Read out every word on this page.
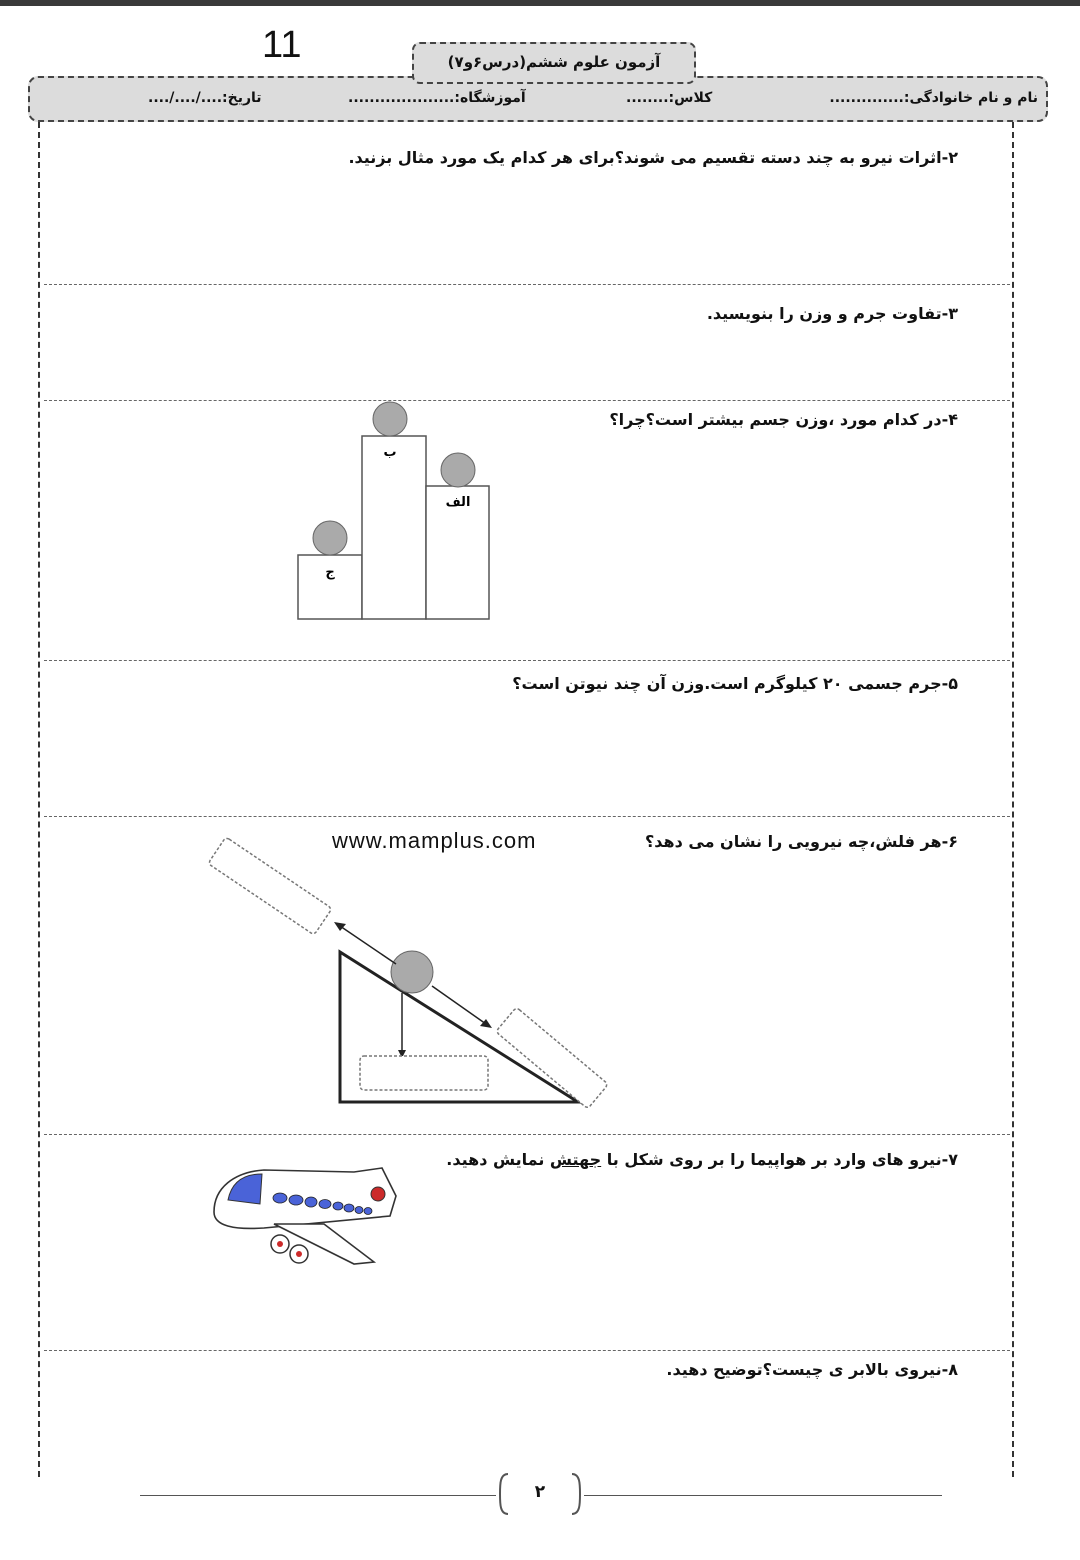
11
نام و نام خانوادگی:..............
کلاس:........
آموزشگاه:....................
تاریخ:..../..../....
آزمون علوم ششم(درس۶و۷)
۲-اثرات نیرو به چند دسته تقسیم می شوند؟برای هر کدام یک مورد مثال بزنید.
۳-تفاوت جرم و وزن را بنویسید.
۴-در کدام مورد ،وزن جسم بیشتر است؟چرا؟
۵-جرم جسمی ۲۰ کیلوگرم است.وزن آن چند نیوتن است؟
۶-هر فلش،چه نیرویی را نشان می دهد؟
۷-نیرو های وارد بر هواپیما را بر روی شکل با جهتش نمایش دهید.
۸-نیروی بالابر ی چیست؟توضیح دهید.
www.mamplus.com
ج
ب
الف
۲
